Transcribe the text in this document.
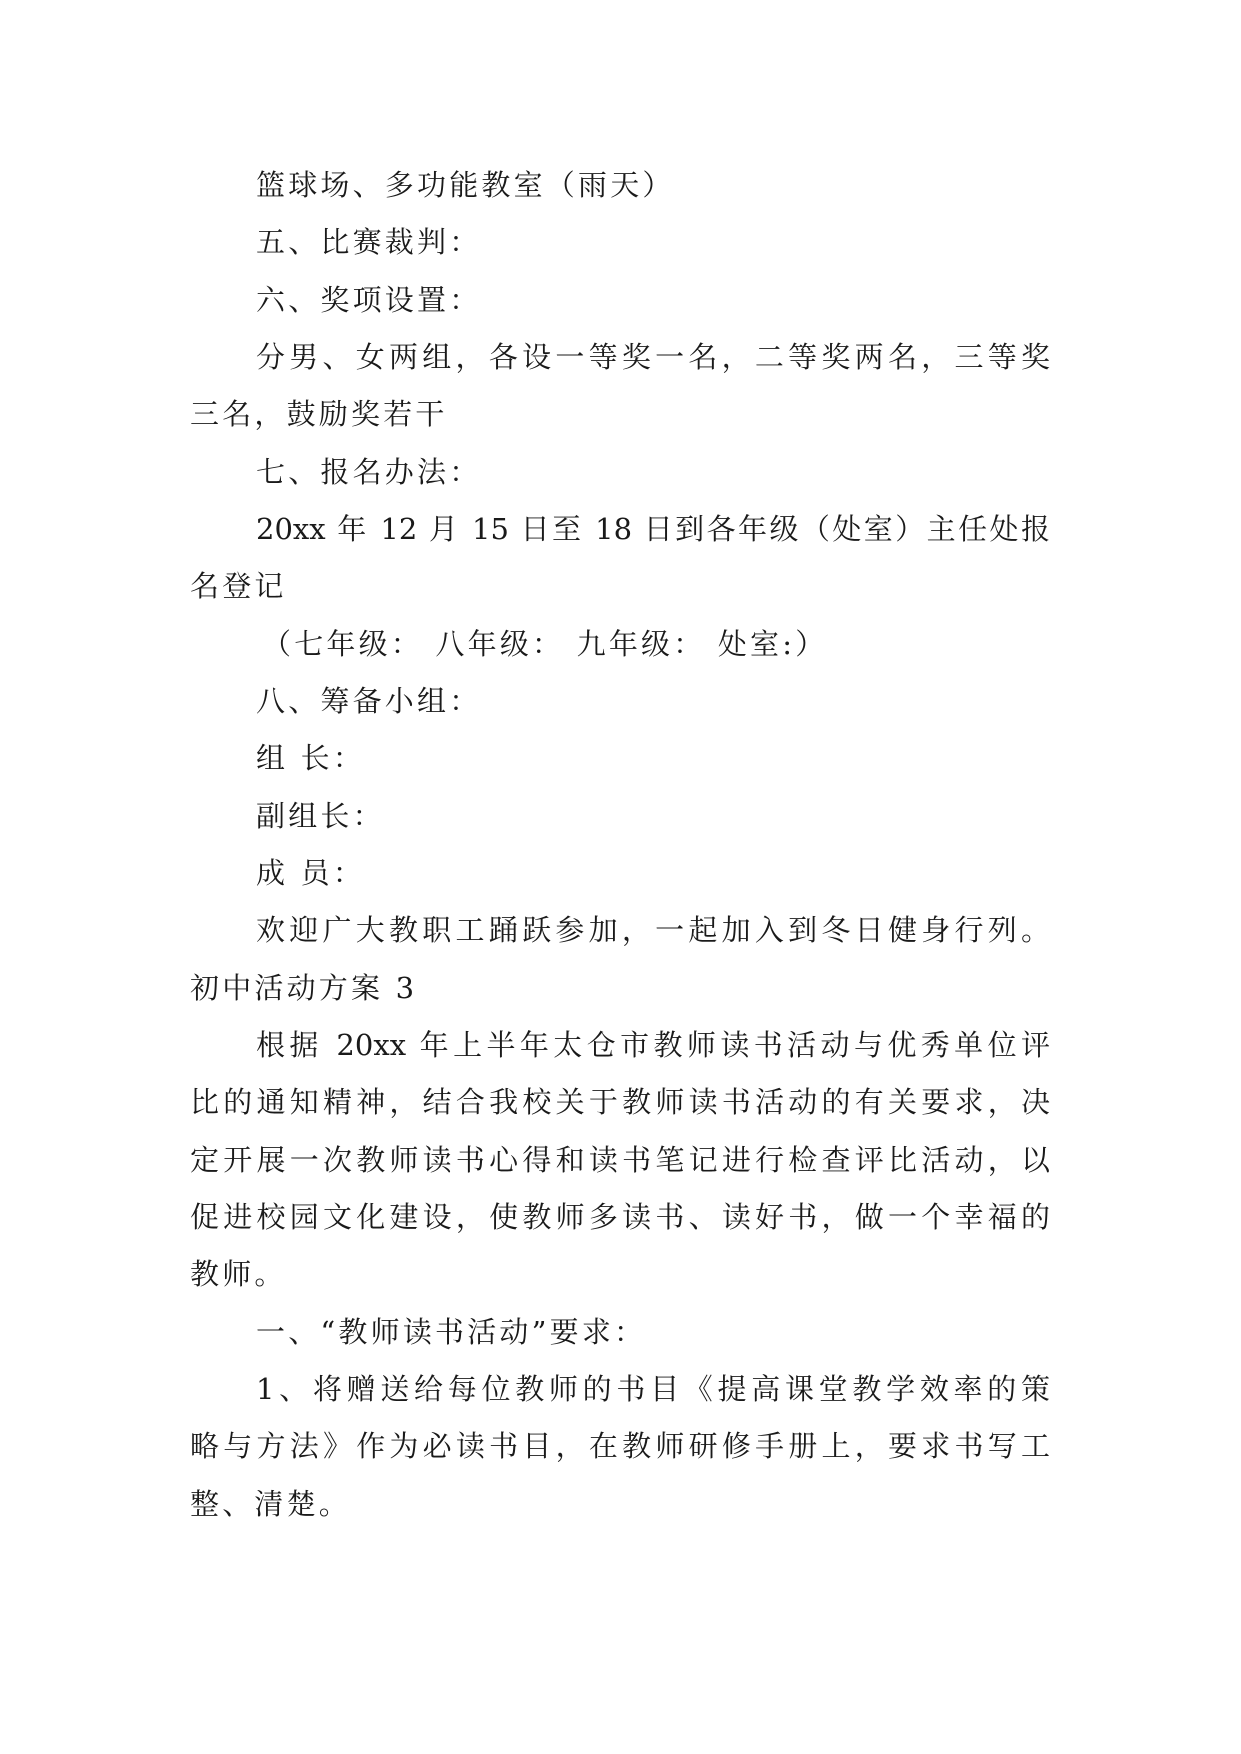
篮球场、多功能教室（雨天）
五、比赛裁判：
六、奖项设置：
分男、女两组，各设一等奖一名，二等奖两名，三等奖
三名，鼓励奖若干
七、报名办法：
20xx 年 12 月 15 日至 18 日到各年级（处室）主任处报
名登记
（七年级： 八年级： 九年级： 处室:）
八、筹备小组：
组 长：
副组长：
成 员：
欢迎广大教职工踊跃参加，一起加入到冬日健身行列。
初中活动方案 3
根据 20xx 年上半年太仓市教师读书活动与优秀单位评
比的通知精神，结合我校关于教师读书活动的有关要求，决
定开展一次教师读书心得和读书笔记进行检查评比活动，以
促进校园文化建设，使教师多读书、读好书，做一个幸福的
教师。
一、“教师读书活动”要求：
1、将赠送给每位教师的书目《提高课堂教学效率的策
略与方法》作为必读书目，在教师研修手册上，要求书写工
整、清楚。
